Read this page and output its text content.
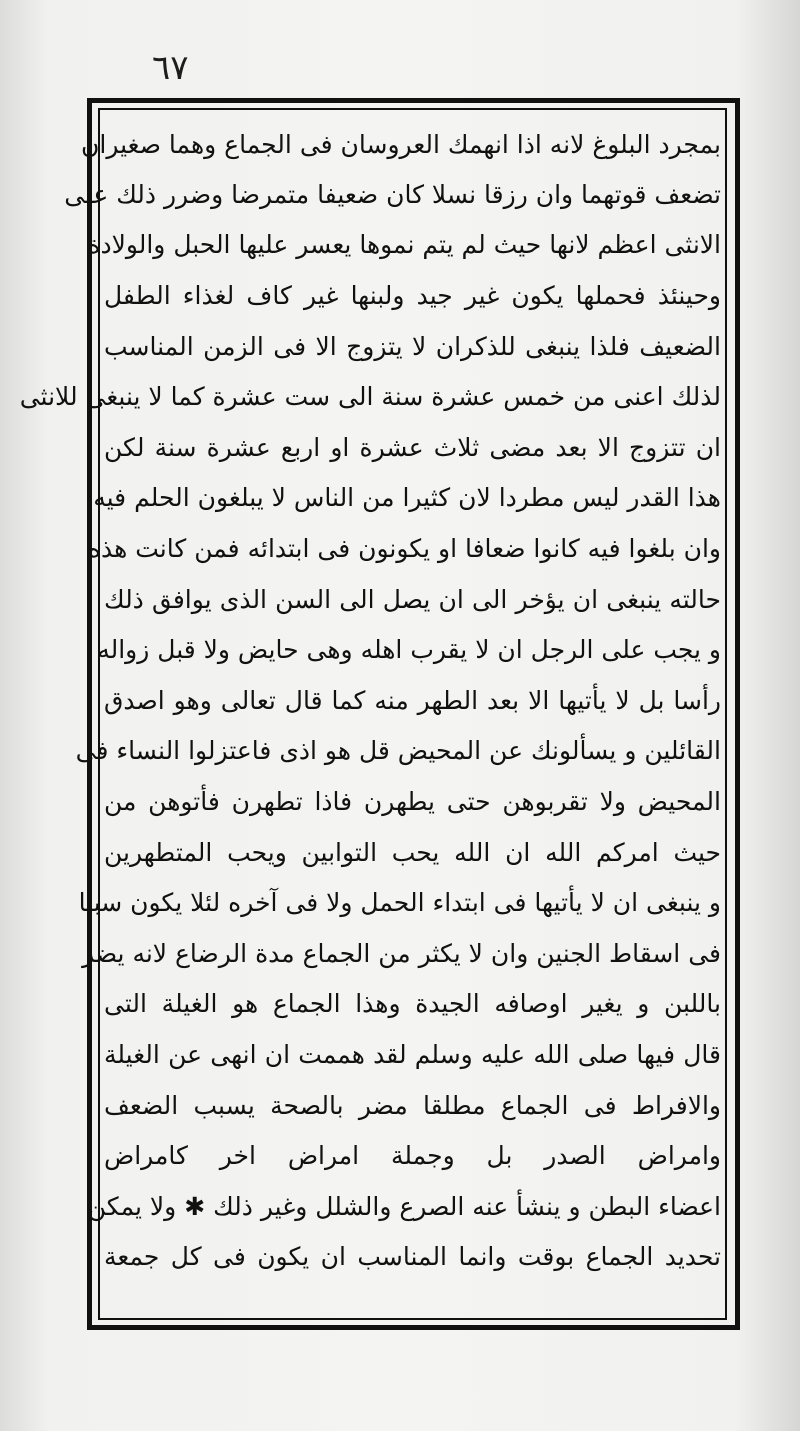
٦٧
بمجرد البلوغ لانه اذا انهمك العروسان فى الجماع وهما صغيران
تضعف قوتهما وان رزقا نسلا كان ضعيفا متمرضا وضرر ذلك على
الانثى اعظم لانها حيث لم يتم نموها يعسر عليها الحبل والولادة
وحينئذ فحملها يكون غير جيد ولبنها غير كاف لغذاء الطفل
الضعيف فلذا ينبغى للذكران لا يتزوج الا فى الزمن المناسب
لذلك اعنى من خمس عشرة سنة الى ست عشرة كما لا ينبغى للانثى
ان تتزوج الا بعد مضى ثلاث عشرة او اربع عشرة سنة لكن
هذا القدر ليس مطردا لان كثيرا من الناس لا يبلغون الحلم فيه
وان بلغوا فيه كانوا ضعافا او يكونون فى ابتدائه فمن كانت هذه
حالته ينبغى ان يؤخر الى ان يصل الى السن الذى يوافق ذلك
و يجب على الرجل ان لا يقرب اهله وهى حايض ولا قبل زواله
رأسا بل لا يأتيها الا بعد الطهر منه كما قال تعالى وهو اصدق
القائلين و يسألونك عن المحيض قل هو اذى فاعتزلوا النساء فى
المحيض ولا تقربوهن حتى يطهرن فاذا تطهرن فأتوهن من
حيث امركم الله ان الله يحب التوابين ويحب المتطهرين
و ينبغى ان لا يأتيها فى ابتداء الحمل ولا فى آخره لئلا يكون سببا
فى اسقاط الجنين وان لا يكثر من الجماع مدة الرضاع لانه يضر
باللبن و يغير اوصافه الجيدة وهذا الجماع هو الغيلة التى
قال فيها صلى الله عليه وسلم لقد هممت ان انهى عن الغيلة
والافراط فى الجماع مطلقا مضر بالصحة يسبب الضعف
وامراض الصدر بل وجملة امراض اخر كامراض
اعضاء البطن و ينشأ عنه الصرع والشلل وغير ذلك ✱ ولا يمكن
تحديد الجماع بوقت وانما المناسب ان يكون فى كل جمعة
